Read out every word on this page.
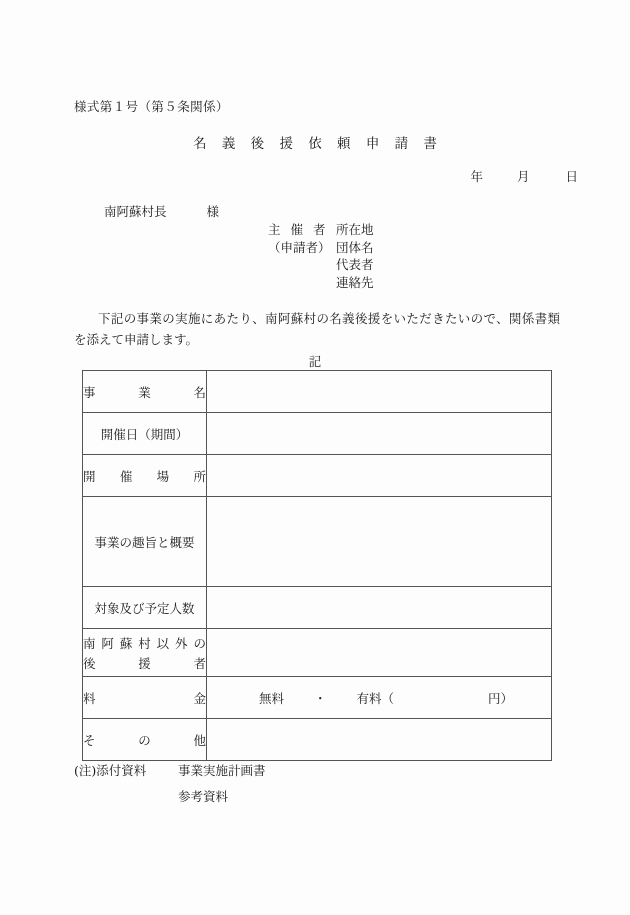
様式第１号（第５条関係）
名 義 後 援 依 頼 申 請 書
年	月	日
南阿蘇村長	様
主 催 者 所在地
（申請者） 団体名
代表者
連絡先
下記の事業の実施にあたり、南阿蘇村の名義後援をいただきたいので、関係書類を添えて申請します。
記
事業名	

開催日（期間）	

開催場所	

事業の趣旨と概要	

対象及び予定人数	

南阿蘇村以外の
後援者	

料金	無料 ・ 有料（ 円）

その他	

(注)添付資料	事業実施計画書
参考資料
